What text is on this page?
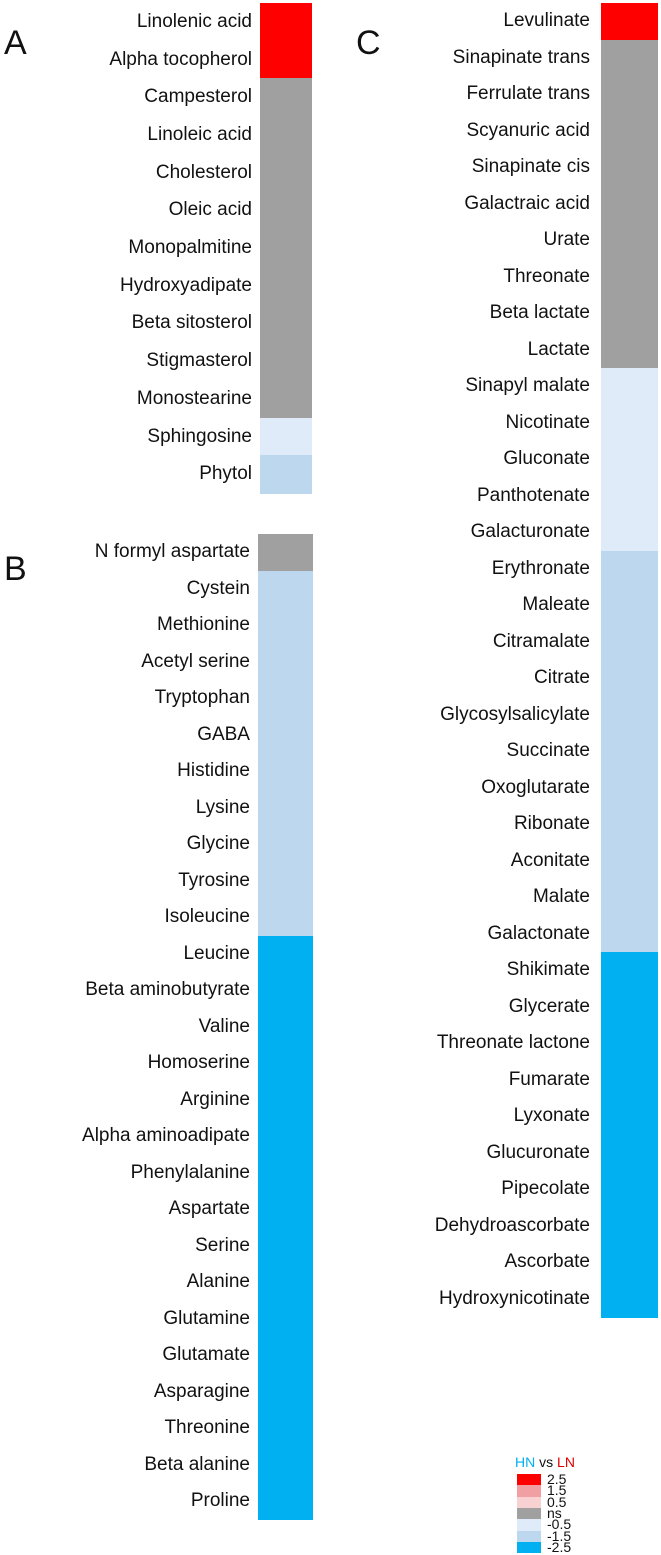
HN vs LN
2.5
1.5
0.5
ns
-0.5
-1.5
-2.5
A
Linolenic acid
Alpha tocopherol
Campesterol
Linoleic acid
Cholesterol
Oleic acid
Monopalmitine
Hydroxyadipate
Beta sitosterol
Stigmasterol
Monostearine
Sphingosine
Phytol
B	N formyl aspartate
Cystein
Methionine
Acetyl serine
Tryptophan
GABA
Histidine
Lysine
Glycine
Tyrosine
Isoleucine
Leucine
Beta aminobutyrate
Valine
Homoserine
Arginine
Alpha aminoadipate
Phenylalanine
Aspartate
Serine
Alanine
Glutamine
Glutamate
Asparagine
Threonine
Beta alanine
Proline
C
Levulinate
Sinapinate trans
Ferrulate trans
Scyanuric acid
Sinapinate cis
Galactraic acid
Urate
Threonate
Beta lactate
Lactate
Sinapyl malate
Nicotinate
Gluconate
Panthotenate
Galacturonate
Erythronate
Maleate
Citramalate
Citrate
Glycosylsalicylate
Succinate
Oxoglutarate
Ribonate
Aconitate
Malate
Galactonate
Shikimate
Glycerate
Threonate lactone
Fumarate
Lyxonate
Glucuronate
Pipecolate
Dehydroascorbate
Ascorbate
Hydroxynicotinate
